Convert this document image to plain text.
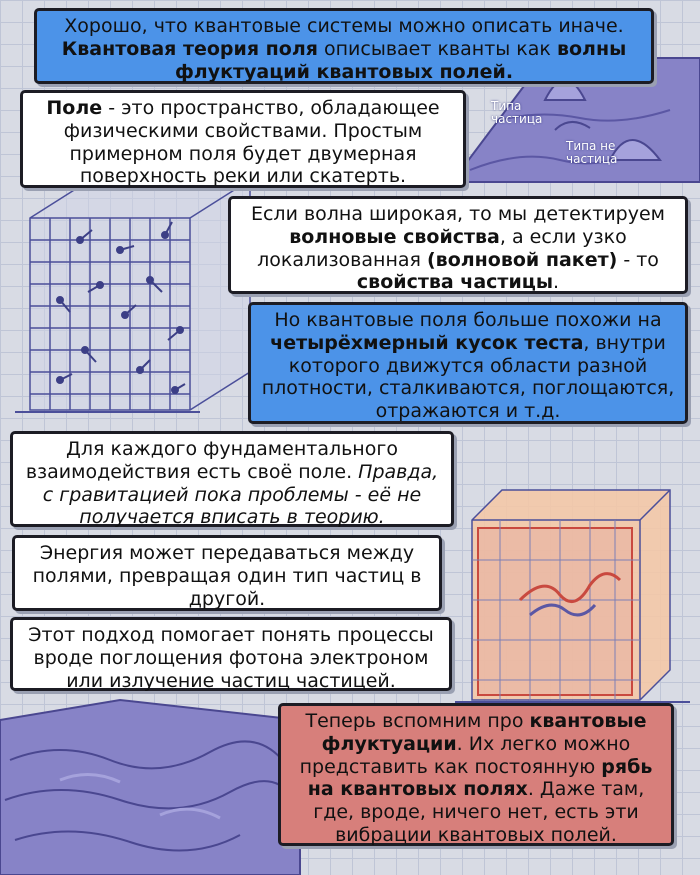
Типа частица
Типа не частица

Хорошо, что квантовые системы можно описать иначе. Квантовая теория поля описывает кванты как волны флуктуаций квантовых полей.

Поле - это пространство, обладающее физическими свойствами. Простым примерном поля будет двумерная поверхность реки или скатерть.

Если волна широкая, то мы детектируем волновые свойства, а если узко локализованная (волновой пакет) - то свойства частицы.

Но квантовые поля больше похожи на четырёхмерный кусок теста, внутри которого движутся области разной плотности, сталкиваются, поглощаются, отражаются и т.д.

Для каждого фундаментального взаимодействия есть своё поле. Правда, с гравитацией пока проблемы - её не получается вписать в теорию.

Энергия может передаваться между полями, превращая один тип частиц в другой.

Этот подход помогает понять процессы вроде поглощения фотона электроном или излучение частиц частицей.

Теперь вспомним про квантовые флуктуации. Их легко можно представить как постоянную рябь на квантовых полях. Даже там, где, вроде, ничего нет, есть эти вибрации квантовых полей.
